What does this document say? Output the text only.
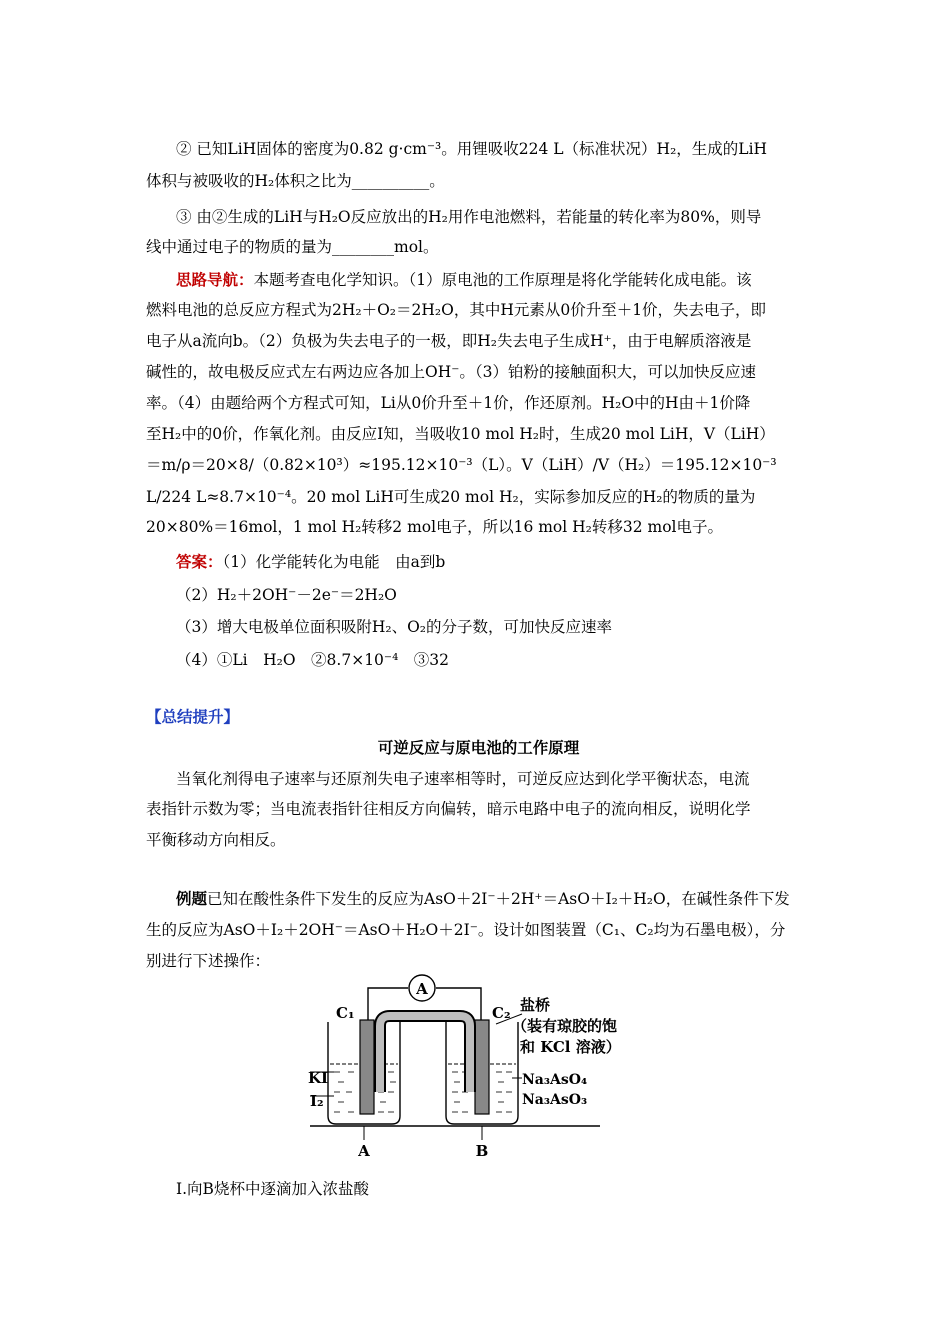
② 已知LiH固体的密度为0.82 g·cm⁻³。用锂吸收224 L（标准状况）H₂，生成的LiH
体积与被吸收的H₂体积之比为__________。
③ 由②生成的LiH与H₂O反应放出的H₂用作电池燃料，若能量的转化率为80%，则导
线中通过电子的物质的量为________mol。
思路导航：本题考查电化学知识。（1）原电池的工作原理是将化学能转化成电能。该
燃料电池的总反应方程式为2H₂＋O₂＝2H₂O，其中H元素从0价升至＋1价，失去电子，即
电子从a流向b。（2）负极为失去电子的一极，即H₂失去电子生成H⁺，由于电解质溶液是
碱性的，故电极反应式左右两边应各加上OH⁻。（3）铂粉的接触面积大，可以加快反应速
率。（4）由题给两个方程式可知，Li从0价升至＋1价，作还原剂。H₂O中的H由＋1价降
至H₂中的0价，作氧化剂。由反应Ⅰ知，当吸收10 mol H₂时，生成20 mol LiH，V（LiH）
＝m/ρ＝20×8/（0.82×10³）≈195.12×10⁻³（L）。V（LiH）/V（H₂）＝195.12×10⁻³
L/224 L≈8.7×10⁻⁴。20 mol LiH可生成20 mol H₂，实际参加反应的H₂的物质的量为
20×80%＝16mol，1 mol H₂转移2 mol电子，所以16 mol H₂转移32 mol电子。
答案：（1）化学能转化为电能　由a到b
（2）H₂＋2OH⁻－2e⁻＝2H₂O
（3）增大电极单位面积吸附H₂、O₂的分子数，可加快反应速率
（4）①Li　H₂O　②8.7×10⁻⁴　③32
【总结提升】
可逆反应与原电池的工作原理
当氧化剂得电子速率与还原剂失电子速率相等时，可逆反应达到化学平衡状态，电流
表指针示数为零；当电流表指针往相反方向偏转，暗示电路中电子的流向相反，说明化学
平衡移动方向相反。
例题已知在酸性条件下发生的反应为AsO＋2I⁻＋2H⁺＝AsO＋I₂＋H₂O，在碱性条件下发
生的反应为AsO＋I₂＋2OH⁻＝AsO＋H₂O＋2I⁻。设计如图装置（C₁、C₂均为石墨电极），分
别进行下述操作：
A
C₁	C₂ 盐桥
（装有琼胶的饱
和 KCl 溶液）
KI
I₂
Na₃AsO₄
Na₃AsO₃
A	B
Ⅰ.向B烧杯中逐滴加入浓盐酸
